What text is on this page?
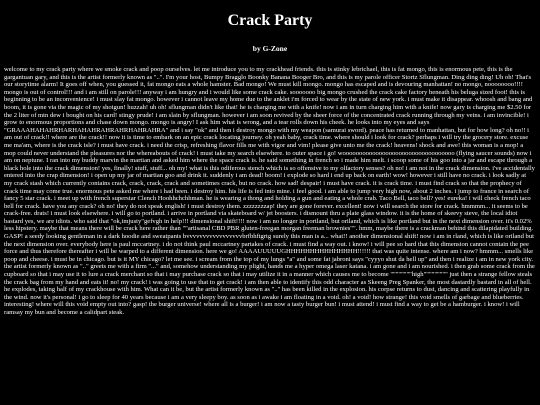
Crack Party

by G-Zone

welcome to my crack party where we smoke crack and poop ourselves. let me introduce you to my crackhead friends. this is stinky lebrichael, this is fat mongo, this is enormous pete, this is the gargantuan gary, and this is the artist formerly known as "..". I'm your host, Bumpy Bragglo Boonky Banana Booger Bro, and this is my parole officer Stortz Sflungman. Ding ding ding! Uh oh! That's our storytime alarm! It goes off when, you guessed it, fat mongo eats a whole hamster. Bad mongo! We must kill mongo. mongo has escaped and is devouring manhattan! no mongo, noooooooo!!!! mongo is out of control!!! and i am still on parole!!! anyway i am hungry and i would like some crack cake. sooooooo big mongo crushed the crack cake factory beneath his beluga sized foot! this is beginning to be an inconvenience! i must slay fat mongo. however i cannot leave my home due to the anklet i'm forced to wear by the state of new york. i must make it disappear. whoosh and bang and boom, it is gone via the magic of my shotgun! huzzah! uh oh! sflungman didn't like that! he is charging me with a knife! now i am in turn charging him with a knife! now gary is charging me $2.50 for the 2 liter of mtn dew i bought on his card! stingy prude! i am slain by sflungman. however i am soon revived by the sheer force of the concentrated crack running through my veins. i am invincible! i grow to enormous proportions and chase down mongo. mongo is angry! I ask him what is wrong, and a tear rolls down his cheek. he looks into my eyes and says "GRAAAHAHAHRHARHAHAHRAHRAHRHAHRAHRA" and i say "ok" and then i destroy mongo with my weapon (samurai sword). peace has returned to manhattan, but for how long? oh no!! i am out of crack!! where are the crack!! now it is time to embark on an epic crack locating journey. oh yeah baby, crack time. where should i look for crack? perhaps i will try the grocery store. excuse me ma'am, where is the crack isle? i must have crack. i need the crisp, refreshing flavor fills me with vigor and vim! please give unto me the crack! heavens! shock and awe! this woman is a mop! a mop could never understand the pleasures nor the whereabouts of crack! i must take my search elsewhere. to outer space i go! woooooooooooooooooooooooooooooooooo (flying saucer sounds) now i am on neptune. I ran into my buddy marvin the martian and asked him where the space crack is. he said something in french so i made him melt. i scoop some of his goo into a jar and escape through a black hole into the crack dimension! yes, finally! stuff, stuff... oh my! what is this odiferous stench which is so offensive to my olfactory senses? oh no! i am not in the crack dimension. i've accidentally entered into the crap dimension! i open up my jar of martian goo and drink it. suddenly i am dead! boom! i explode so hard i end up back on earth! wow! however i still have no crack. i look sadly at my crack stash which currently contains crack, crack, crack, crack and sometimes crack, but no crack. how sad! despair! i must have crack. it is crack time. i must find crack so that the prophecy of crack time may come true. enormous pete asked me where i had been. i destroy him. his life is fed into mine. i feel good. i am able to jump very high now, about 2 inches. i jump to france in search of fancy 5 star crack. i meet up with french superstar Clench Hoohhchchhman. he is wearing a thong and holding a gun and eating a whole crab. Taco Bell, taco bell? yes! eureka! i will check french taco bell for crack. have you any crack? oh no! they do not speak english! i must destroy them. zzzzzzzzap! they are gone forever. excellent! now i will search the store for crack. hmmmm... it seems to be crack-free. drats! i must look elsewhere. i will go to portland. i arrive in portland via skateboard w/ jet boosters. i dismount thru a plate glass window. it is the home of skeevy steve, the local idiot bastard yes, we are idiots. who said that "ok,imjusty"gefvgh in help!!! dimensional shift!!!! now i am no longer in portland, but oriland, which is like portland but in the next dimension over. it's 0.02% less hipstery. maybe that means there will be crack here rather than ""artisanal CBD PBR gluten-freegan morgan freeman brownies"". hmm, maybe there is a crackman behind this dilapidated building. GASP! a seedy looking gentleman in a dark hoodie and sweatpants bvvvvvvvvvvvvvvvvvbrfbhftgrtg surely this man is a... what!! another dimensional shift! now i am in rland, which is like oriland but the next dimension over. everybody here is paul mccartney. i do not think paul mccartney partakes of crack. i must find a way out. i know! i will pee so hard that this dimension cannot contain the pee force and thus therefore thereafter i will be warped to a different dimension. here we go! AAAAUUUUUGHHHHHHHHHHHHHHH!!!!!! that was quite intense. where am i now? hmmm... smells like poop and cheese. i must be in chicago. but is it MY chicago? let me see. i scream from the top of my lungs "a" and some fat jabroni says "cyyyo shut da hell up" and then i realize i am in new york city. the artist formerly known as ".." greets me with a firm "..." and, somehow understanding my plight, hands me a hyper omega laser katana. i am gone and i am nourished. i then grab some crack from the cupboard so that i may use it to lure a crack merchant so that i may purchase crack so that i may utilize it in a manner which causes me to become """"""""high""""""""" just then a strange fellow steals the crack bag from my hand and eats it! no! my crack! i was going to use that to get crack! i am then able to identify this odd character as Skeeng Preg Spanker, the most dastardly bastard in all of hell. he explodes, taking half of my crackhouse with him. What can it be, but the artist formerly known as ".." has been killed in the explosion. his corpse returns to dust, dancing and scattering playfully in the wind. now it's personal! i go to sleep for 40 years because i am a very sleepy boy. as soon as i awake i am floating in a void. oh! a void! how strange! this void smells of garbage and blueberries. interesting! where will this void empty out into? gasp! the burger universe! where all is a burger! i am now a tasty burger bun! i must attend! i must find a way to get be a hamburger. i know! i will ramsay my bun and become a calidpart steak.
